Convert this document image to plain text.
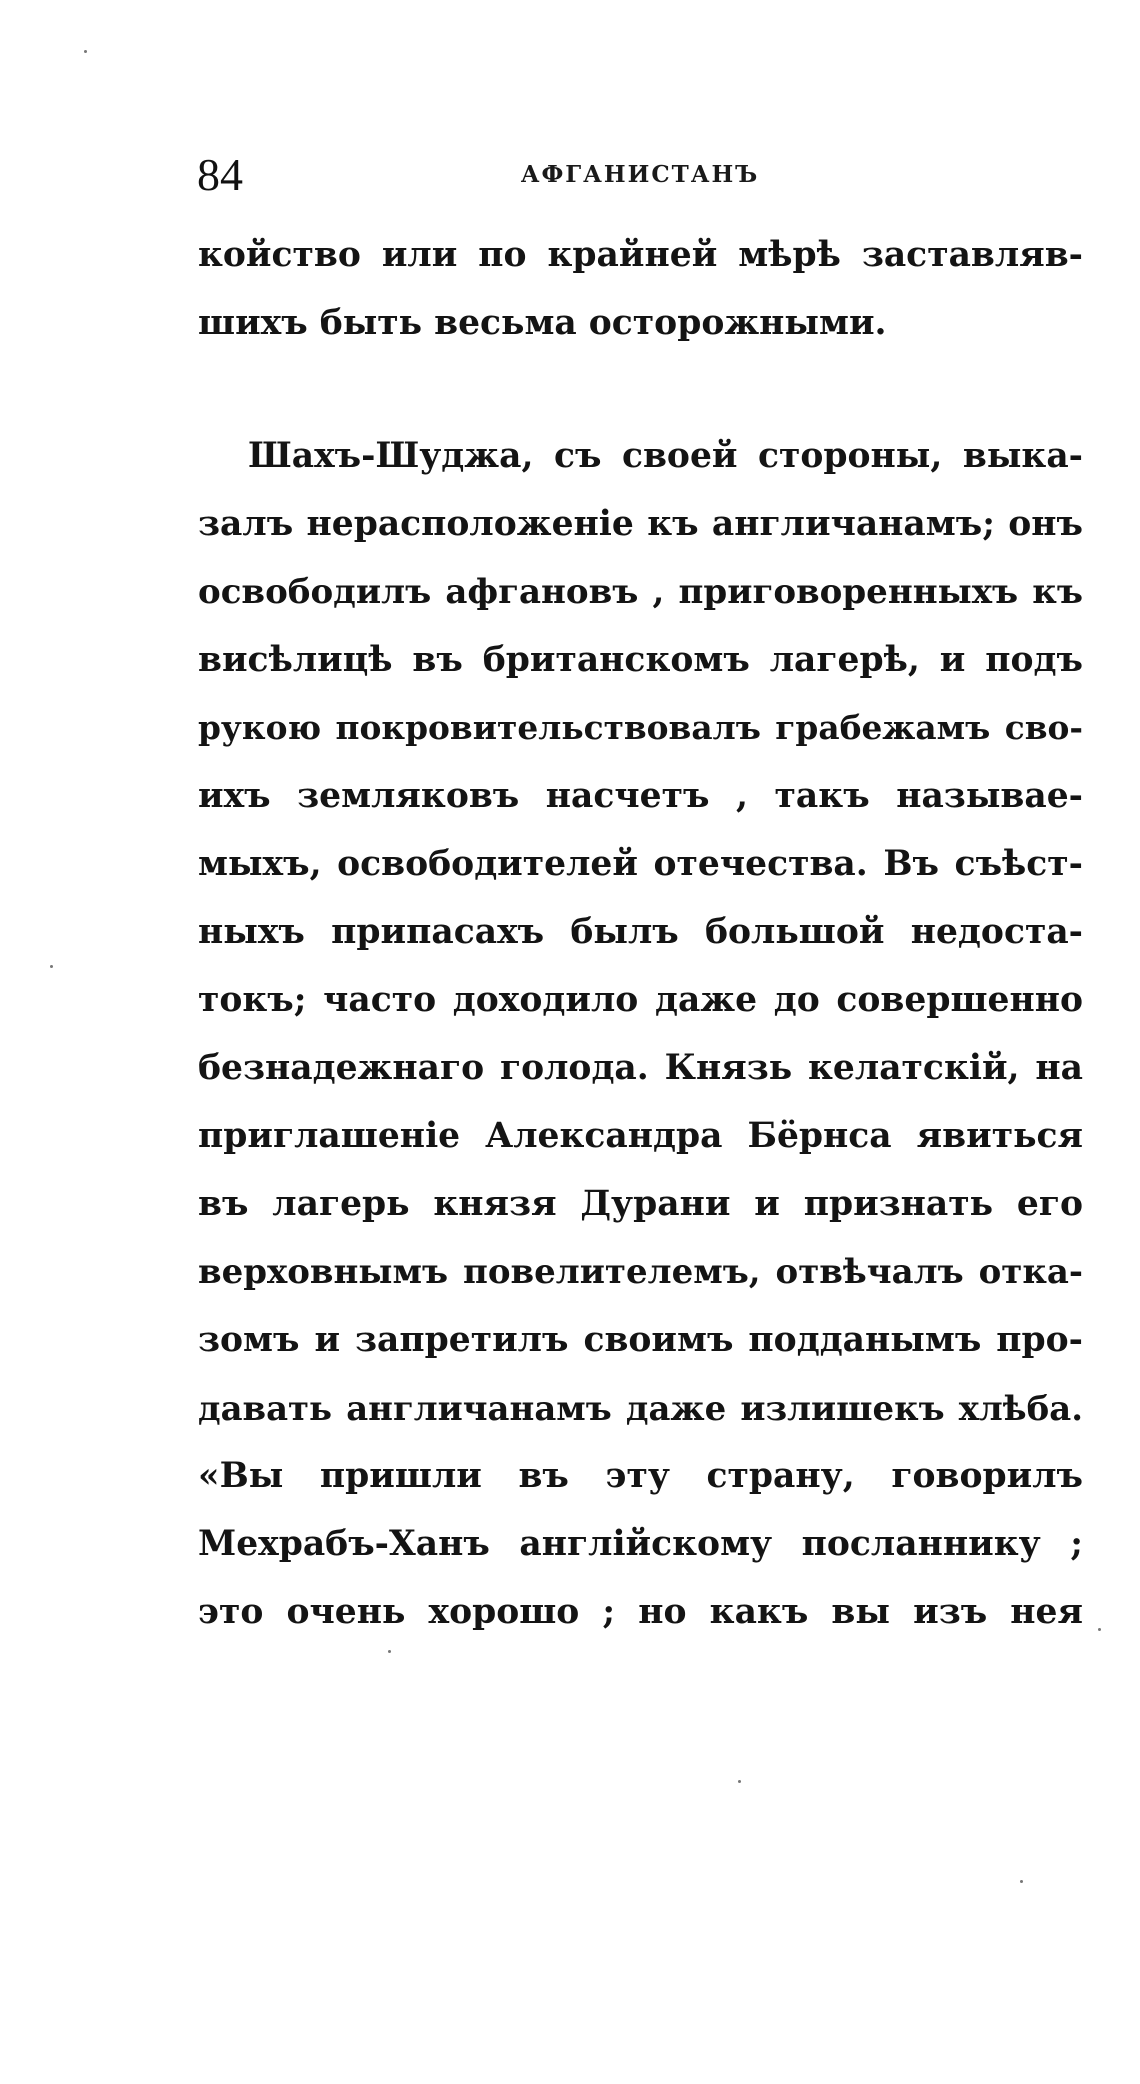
84	АФГАНИСТАНЪ
койство или по крайней мѣрѣ заставляв-
шихъ быть весьма осторожными.
Шахъ-Шуджа, съ своей стороны, выка-
залъ нерасположеніе къ англичанамъ; онъ
освободилъ афгановъ , приговоренныхъ къ
висѣлицѣ въ британскомъ лагерѣ, и подъ
рукою покровительствовалъ грабежамъ сво-
ихъ земляковъ насчетъ , такъ называе-
мыхъ, освободителей отечества. Въ съѣст-
ныхъ припасахъ былъ большой недоста-
токъ; часто доходило даже до совершенно
безнадежнаго голода. Князь келатскій, на
приглашеніе Александра Бёрнса явиться
въ лагерь князя Дурани и признать его
верховнымъ повелителемъ, отвѣчалъ отка-
зомъ и запретилъ своимъ подданымъ про-
давать англичанамъ даже излишекъ хлѣба.
«Вы пришли въ эту страну, говорилъ
Мехрабъ-Ханъ англійскому посланнику ;
это очень хорошо ; но какъ вы изъ нея
